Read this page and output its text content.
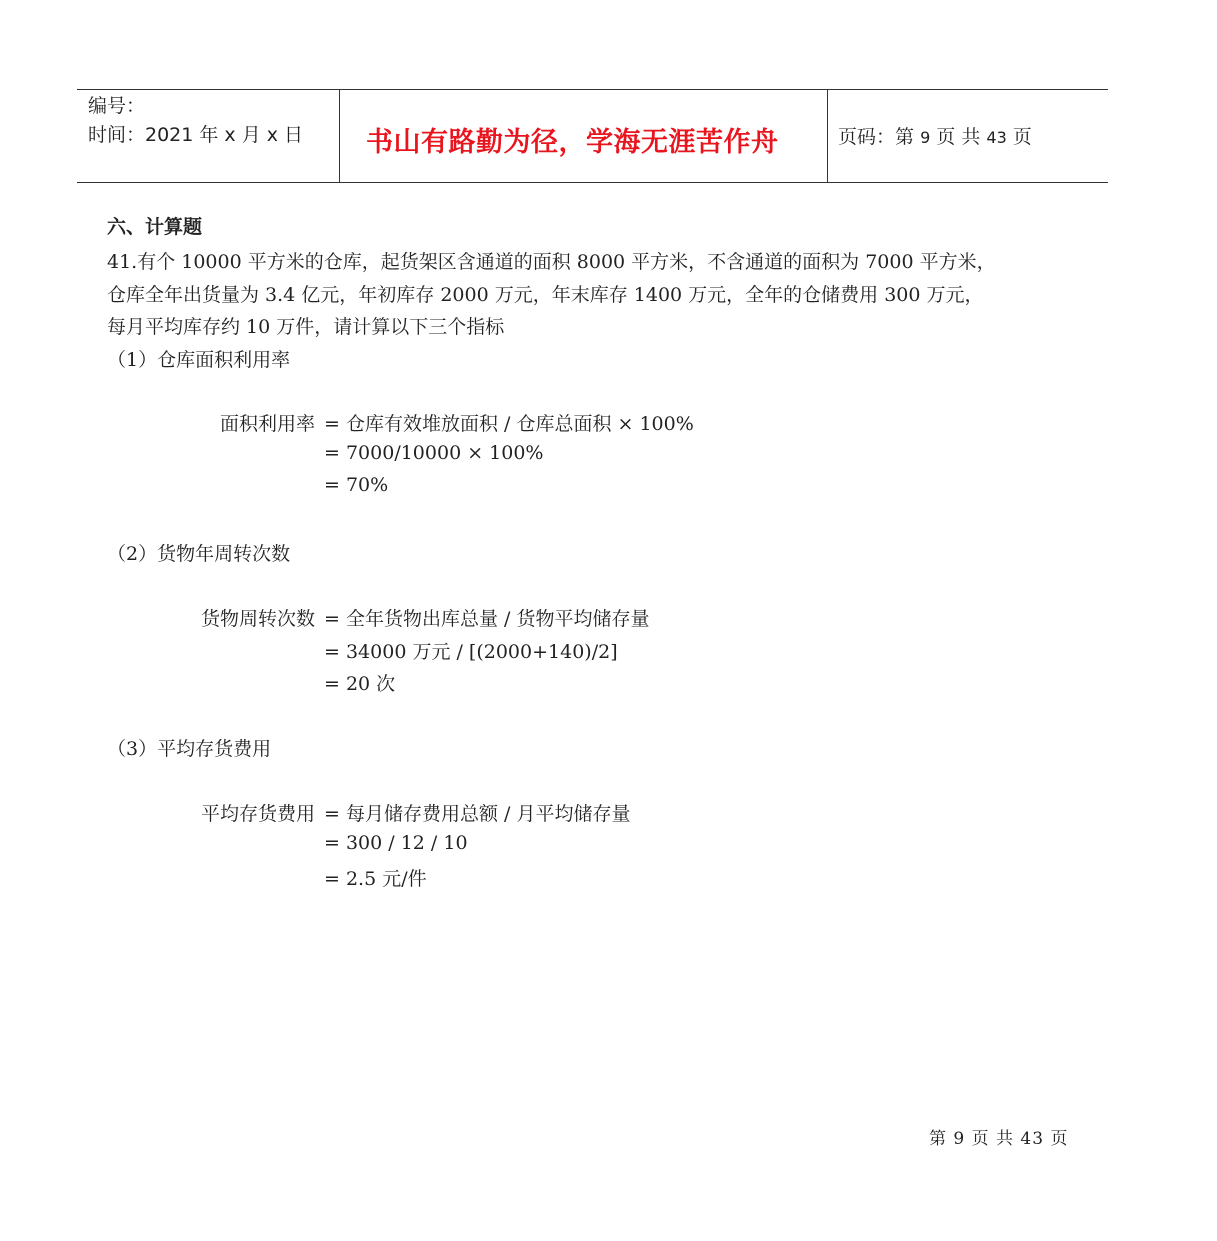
编号：
时间：2021 年 x 月 x 日	书山有路勤为径，学海无涯苦作舟	页码：第 9 页 共 43 页
六、计算题
41.有个 10000 平方米的仓库，起货架区含通道的面积 8000 平方米，不含通道的面积为 7000 平方米，
仓库全年出货量为 3.4 亿元，年初库存 2000 万元，年末库存 1400 万元，全年的仓储费用 300 万元，
每月平均库存约 10 万件，请计算以下三个指标
（1）仓库面积利用率
面积利用率 = 仓库有效堆放面积 / 仓库总面积 × 100%
= 7000/10000 × 100%
= 70%
（2）货物年周转次数
货物周转次数 = 全年货物出库总量 / 货物平均储存量
= 34000 万元 / [(2000+140)/2]
= 20 次
（3）平均存货费用
平均存货费用 = 每月储存费用总额 / 月平均储存量
= 300 / 12 / 10
= 2.5 元/件
第 9 页 共 43 页
